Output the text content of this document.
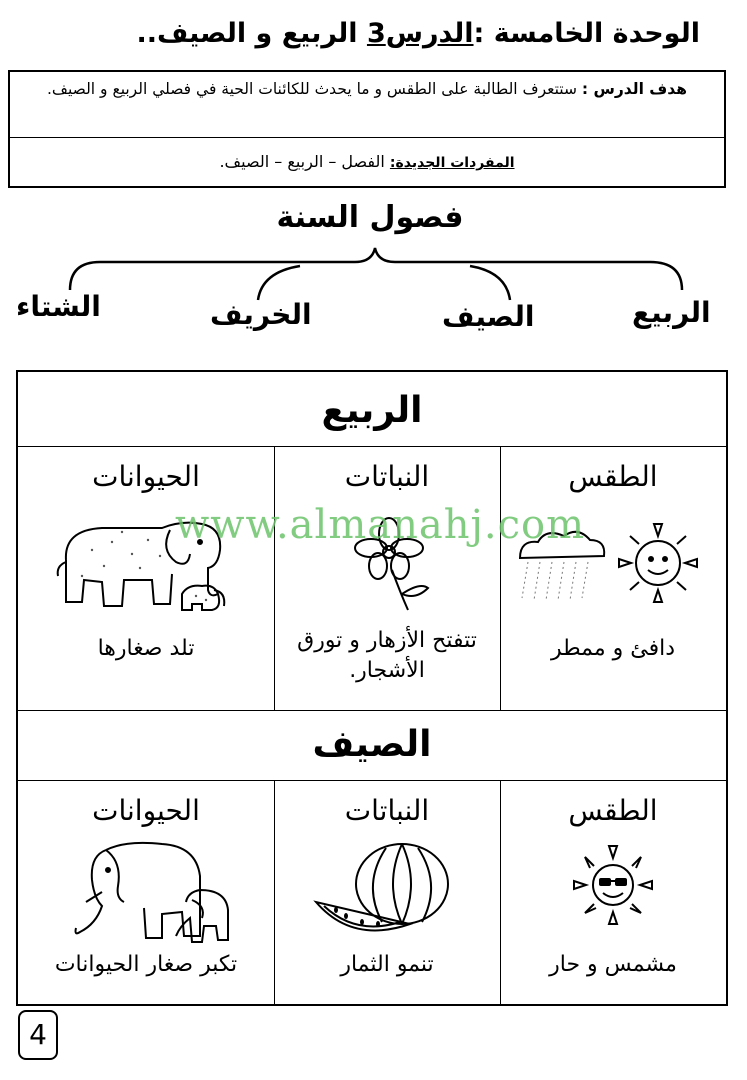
الوحدة الخامسة :الدرس3 الربيع و الصيف..
هدف الدرس : ستتعرف الطالبة على الطقس و ما يحدث للكائنات الحية في فصلي الربيع و الصيف.
المفردات الجديدة: الفصل – الربيع – الصيف.
فصول السنة
الربيع
الصيف
الخريف
الشتاء
الربيع
الطقس
دافئ و ممطر
النباتات
تتفتح الأزهار و تورق الأشجار.
الحيوانات
تلد صغارها
الصيف
الطقس
مشمس و حار
النباتات
تنمو الثمار
الحيوانات
تكبر صغار الحيوانات
www.almanahj.com
4
